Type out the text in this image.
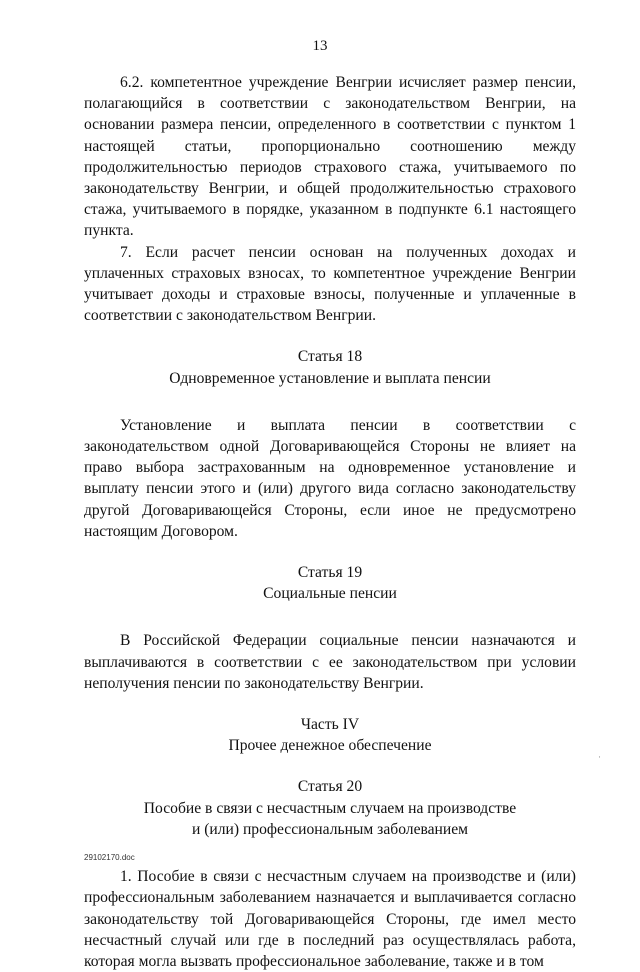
13

6.2. компетентное учреждение Венгрии исчисляет размер пенсии, полагающийся в соответствии с законодательством Венгрии, на основании размера пенсии, определенного в соответствии с пунктом 1 настоящей статьи, пропорционально соотношению между продолжительностью периодов страхового стажа, учитываемого по законодательству Венгрии, и общей продолжительностью страхового стажа, учитываемого в порядке, указанном в подпункте 6.1 настоящего пункта.

7. Если расчет пенсии основан на полученных доходах и уплаченных страховых взносах, то компетентное учреждение Венгрии учитывает доходы и страховые взносы, полученные и уплаченные в соответствии с законодательством Венгрии.

Статья 18
Одновременное установление и выплата пенсии

Установление и выплата пенсии в соответствии с законодательством одной Договаривающейся Стороны не влияет на право выбора застрахованным на одновременное установление и выплату пенсии этого и (или) другого вида согласно законодательству другой Договаривающейся Стороны, если иное не предусмотрено настоящим Договором.

Статья 19
Социальные пенсии

В Российской Федерации социальные пенсии назначаются и выплачиваются в соответствии с ее законодательством при условии неполучения пенсии по законодательству Венгрии.

Часть IV
Прочее денежное обеспечение
Статья 20
Пособие в связи с несчастным случаем на производстве
и (или) профессиональным заболеванием

1. Пособие в связи с несчастным случаем на производстве и (или) профессиональным заболеванием назначается и выплачивается согласно законодательству той Договаривающейся Стороны, где имел место несчастный случай или где в последний раз осуществлялась работа, которая могла вызвать профессиональное заболевание, также и в том

·
29102170.doc
